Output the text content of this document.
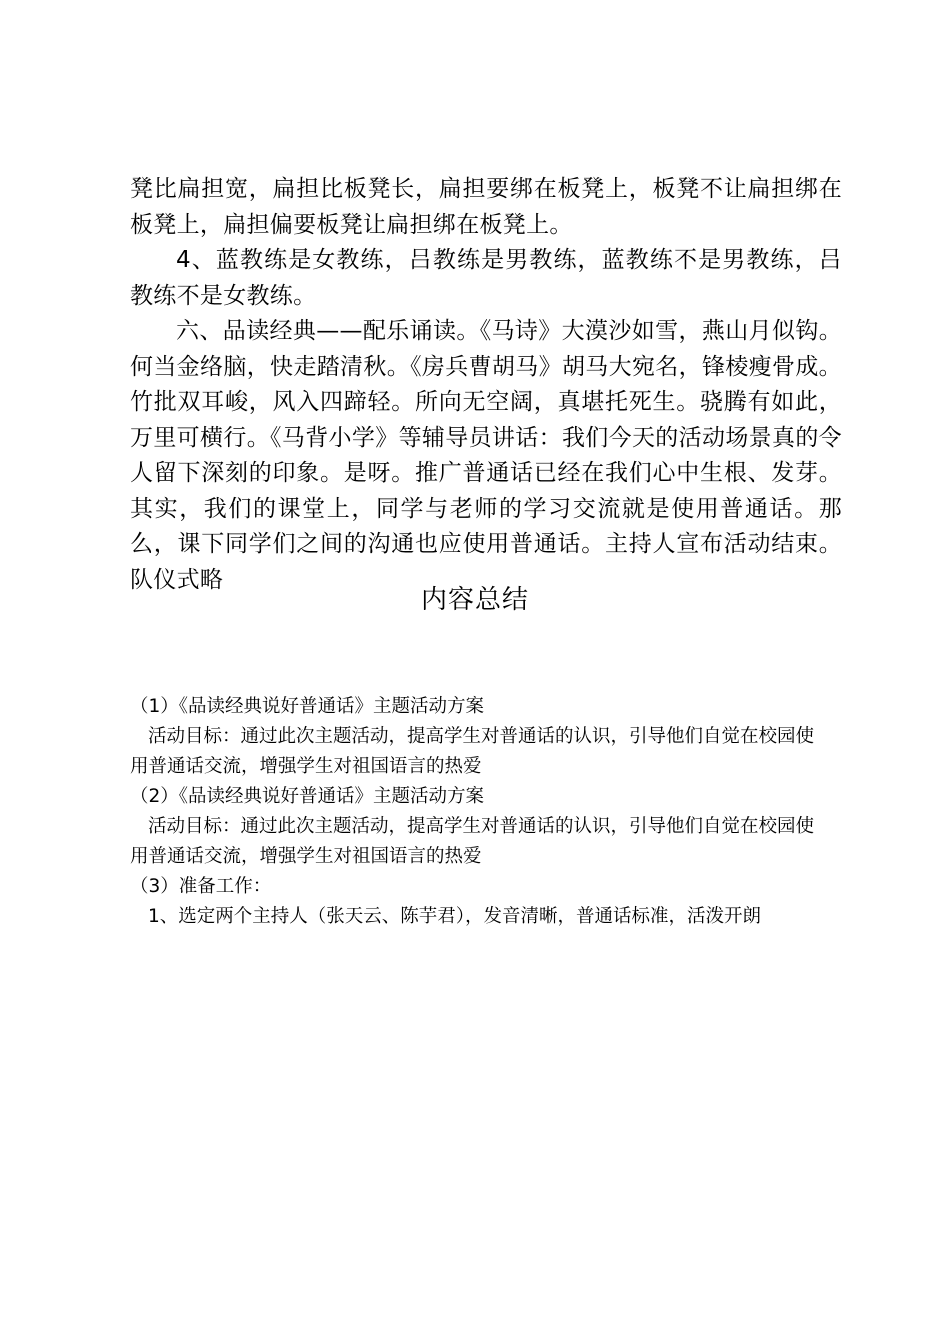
凳比扁担宽，扁担比板凳长，扁担要绑在板凳上，板凳不让扁担绑在板凳上，扁担偏要板凳让扁担绑在板凳上。

4、蓝教练是女教练，吕教练是男教练，蓝教练不是男教练，吕教练不是女教练。

六、品读经典——配乐诵读。《马诗》大漠沙如雪，燕山月似钩。何当金络脑，快走踏清秋。《房兵曹胡马》胡马大宛名，锋棱瘦骨成。竹批双耳峻，风入四蹄轻。所向无空阔，真堪托死生。骁腾有如此，万里可横行。《马背小学》等辅导员讲话：我们今天的活动场景真的令人留下深刻的印象。是呀。推广普通话已经在我们心中生根、发芽。其实，我们的课堂上，同学与老师的学习交流就是使用普通话。那么，课下同学们之间的沟通也应使用普通话。主持人宣布活动结束。队仪式略

内容总结

（1）《品读经典说好普通话》主题活动方案

活动目标：通过此次主题活动，提高学生对普通话的认识，引导他们自觉在校园使用普通话交流，增强学生对祖国语言的热爱

（2）《品读经典说好普通话》主题活动方案

活动目标：通过此次主题活动，提高学生对普通话的认识，引导他们自觉在校园使用普通话交流，增强学生对祖国语言的热爱

（3）准备工作：

1、选定两个主持人（张天云、陈芋君），发音清晰，普通话标准，活泼开朗
